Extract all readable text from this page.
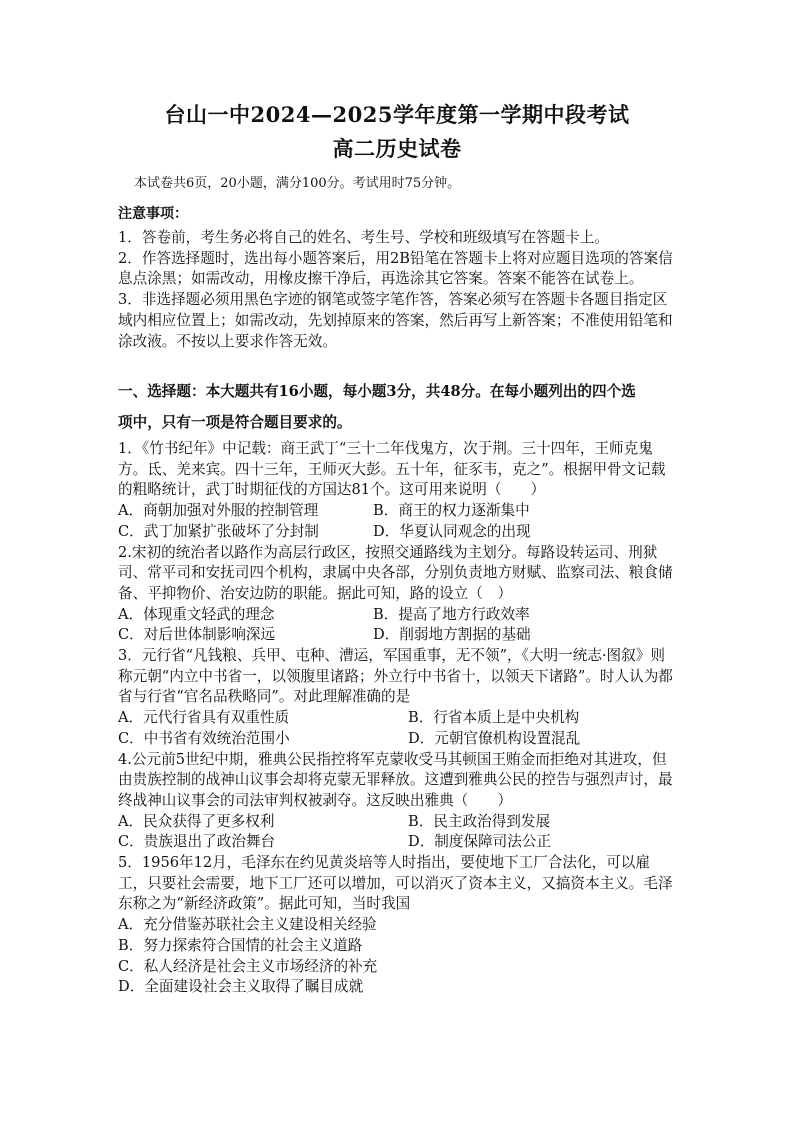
台山一中2024—2025学年度第一学期中段考试
高二历史试卷
本试卷共6页，20小题，满分100分。考试用时75分钟。
注意事项：

1．答卷前，考生务必将自己的姓名、考生号、学校和班级填写在答题卡上。

2．作答选择题时，选出每小题答案后，用2B铅笔在答题卡上将对应题目选项的答案信息点涂黑；如需改动，用橡皮擦干净后，再选涂其它答案。答案不能答在试卷上。

3．非选择题必须用黑色字迹的钢笔或签字笔作答，答案必须写在答题卡各题目指定区域内相应位置上；如需改动，先划掉原来的答案，然后再写上新答案；不准使用铅笔和涂改液。不按以上要求作答无效。

一、选择题：本大题共有16小题，每小题3分，共48分。在每小题列出的四个选
项中，只有一项是符合题目要求的。

1．《竹书纪年》中记载：商王武丁“三十二年伐鬼方，次于荆。三十四年，王师克鬼方。氐、羌来宾。四十三年，王师灭大彭。五十年，征豕韦，克之”。根据甲骨文记载的粗略统计，武丁时期征伐的方国达81个。这可用来说明（　　）

A．商朝加强对外服的控制管理	B．商王的权力逐渐集中
C．武丁加紧扩张破坏了分封制	D．华夏认同观念的出现

2.宋初的统治者以路作为高层行政区，按照交通路线为主划分。每路设转运司、刑狱司、常平司和安抚司四个机构，隶属中央各部，分别负责地方财赋、监察司法、粮食储备、平抑物价、治安边防的职能。据此可知，路的设立（　）

A．体现重文轻武的理念	B．提高了地方行政效率
C．对后世体制影响深远	D．削弱地方割据的基础

3．元行省“凡钱粮、兵甲、屯种、漕运，军国重事，无不领”，《大明一统志·图叙》则称元朝“内立中书省一，以领腹里诸路；外立行中书省十，以领天下诸路”。时人认为都省与行省“官名品秩略同”。对此理解准确的是

A．元代行省具有双重性质	B．行省本质上是中央机构
C．中书省有效统治范围小	D．元朝官僚机构设置混乱

4.公元前5世纪中期，雅典公民指控将军克蒙收受马其顿国王贿金而拒绝对其进攻，但由贵族控制的战神山议事会却将克蒙无罪释放。这遭到雅典公民的控告与强烈声讨，最终战神山议事会的司法审判权被剥夺。这反映出雅典（　　）

A．民众获得了更多权利	B．民主政治得到发展
C．贵族退出了政治舞台	D．制度保障司法公正

5．1956年12月，毛泽东在约见黄炎培等人时指出，要使地下工厂合法化，可以雇工，只要社会需要，地下工厂还可以增加，可以消灭了资本主义，又搞资本主义。毛泽东称之为“新经济政策”。据此可知，当时我国

A．充分借鉴苏联社会主义建设相关经验

B．努力探索符合国情的社会主义道路

C．私人经济是社会主义市场经济的补充

D．全面建设社会主义取得了瞩目成就
